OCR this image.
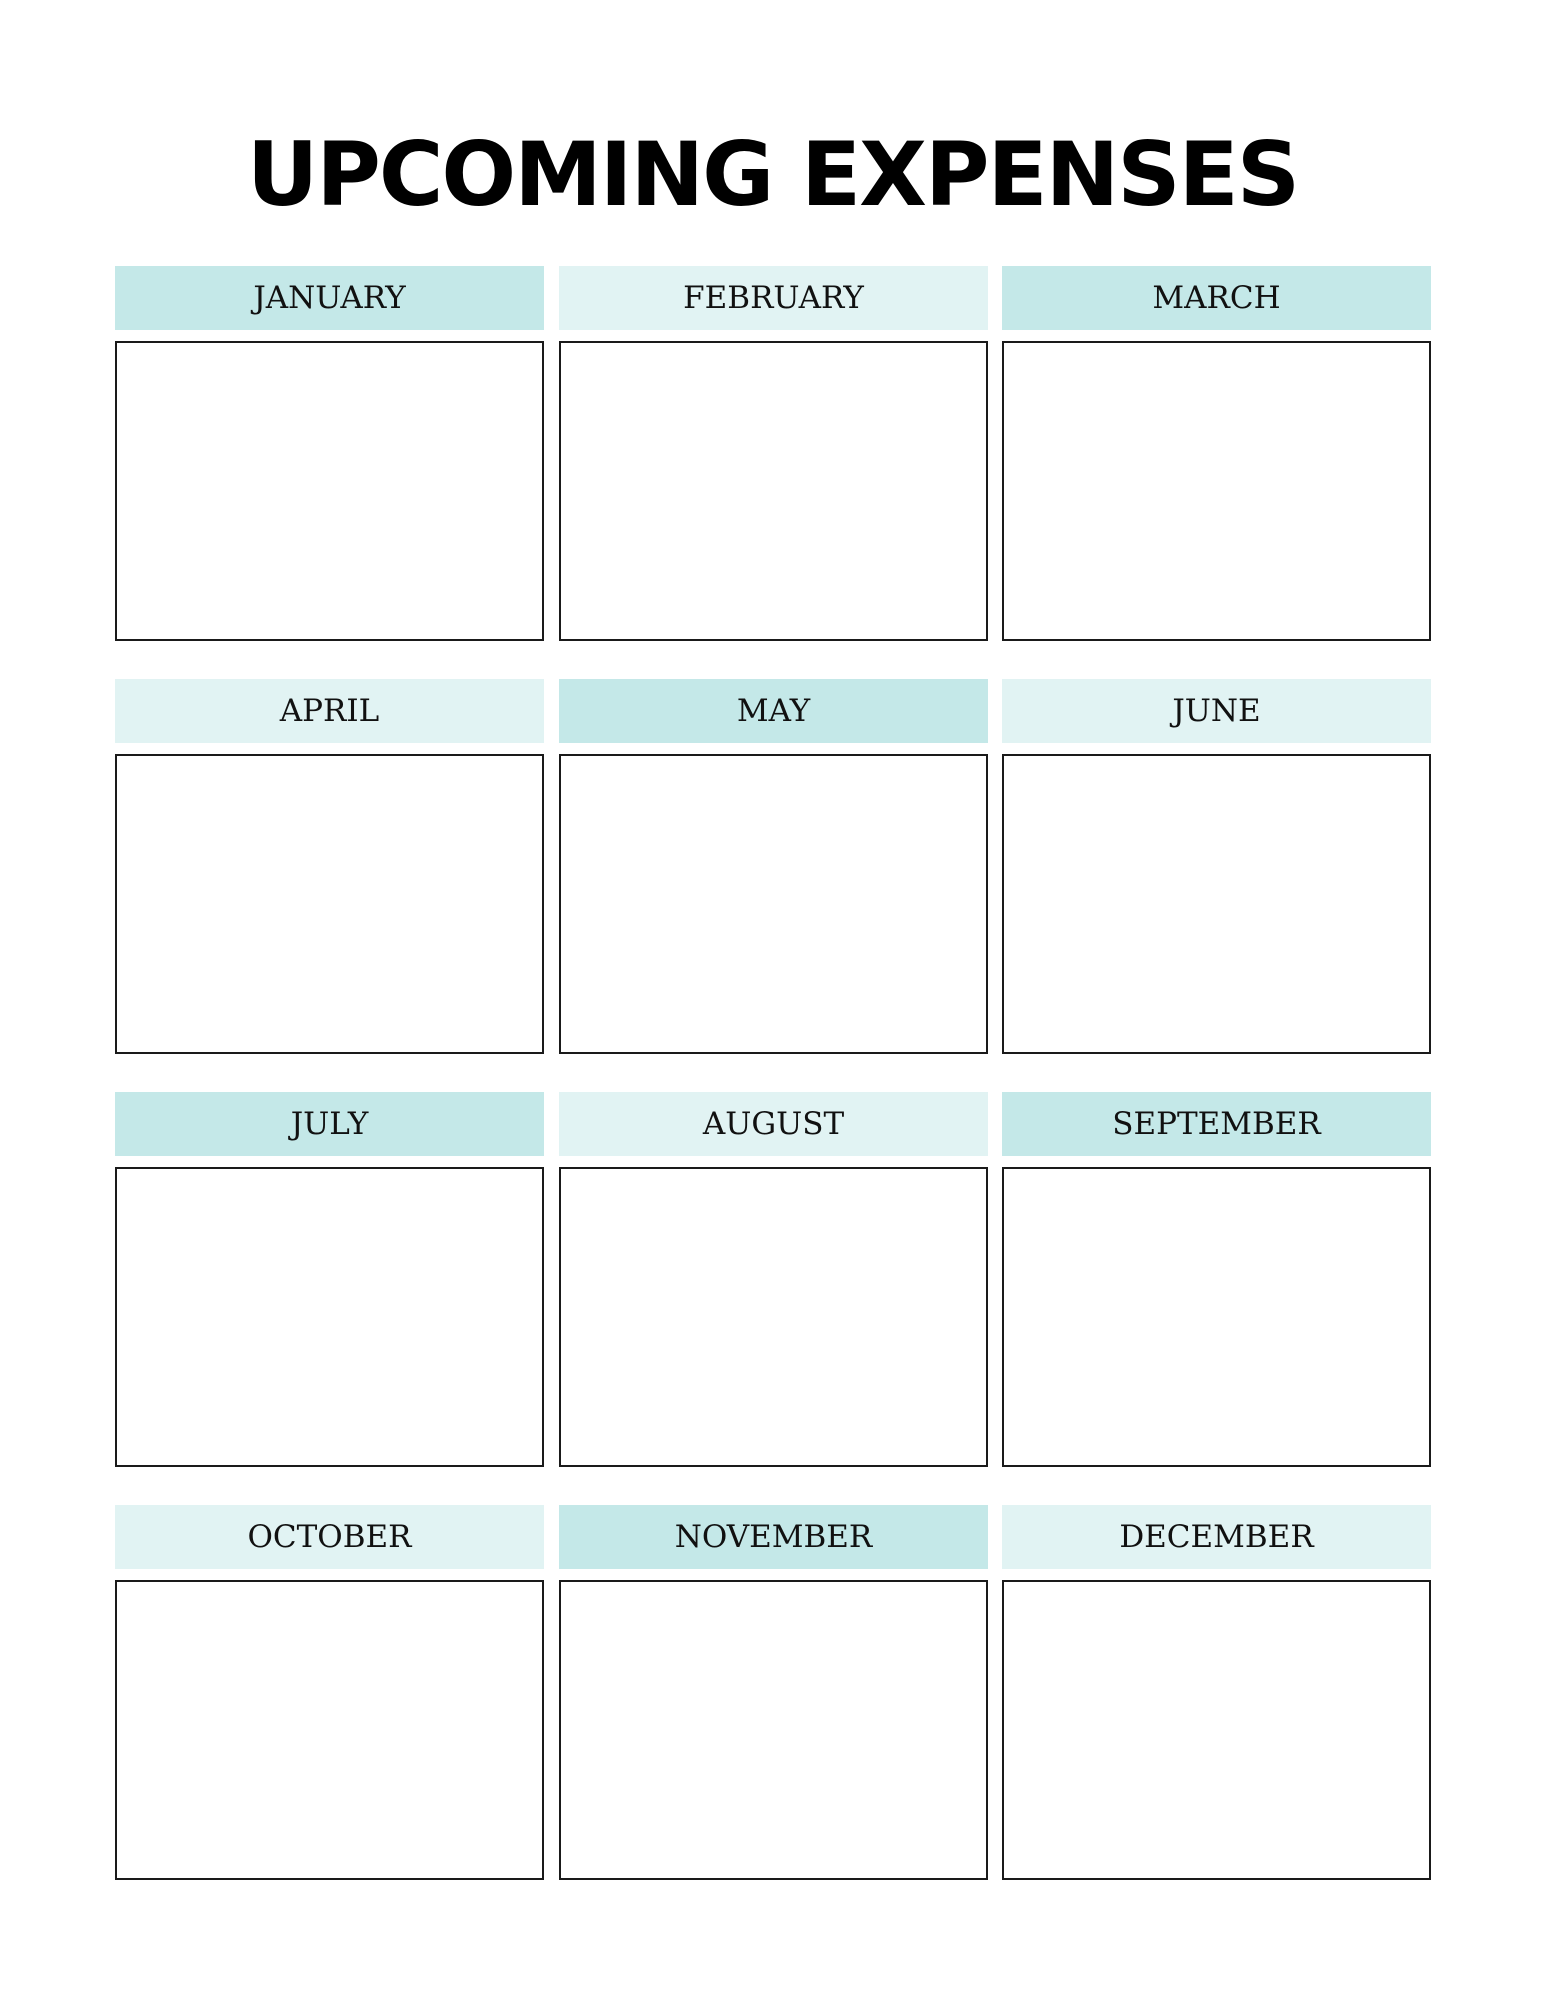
UPCOMING EXPENSES
JANUARY	FEBRUARY	MARCH
APRIL	MAY	JUNE
JULY	AUGUST	SEPTEMBER
OCTOBER	NOVEMBER	DECEMBER
